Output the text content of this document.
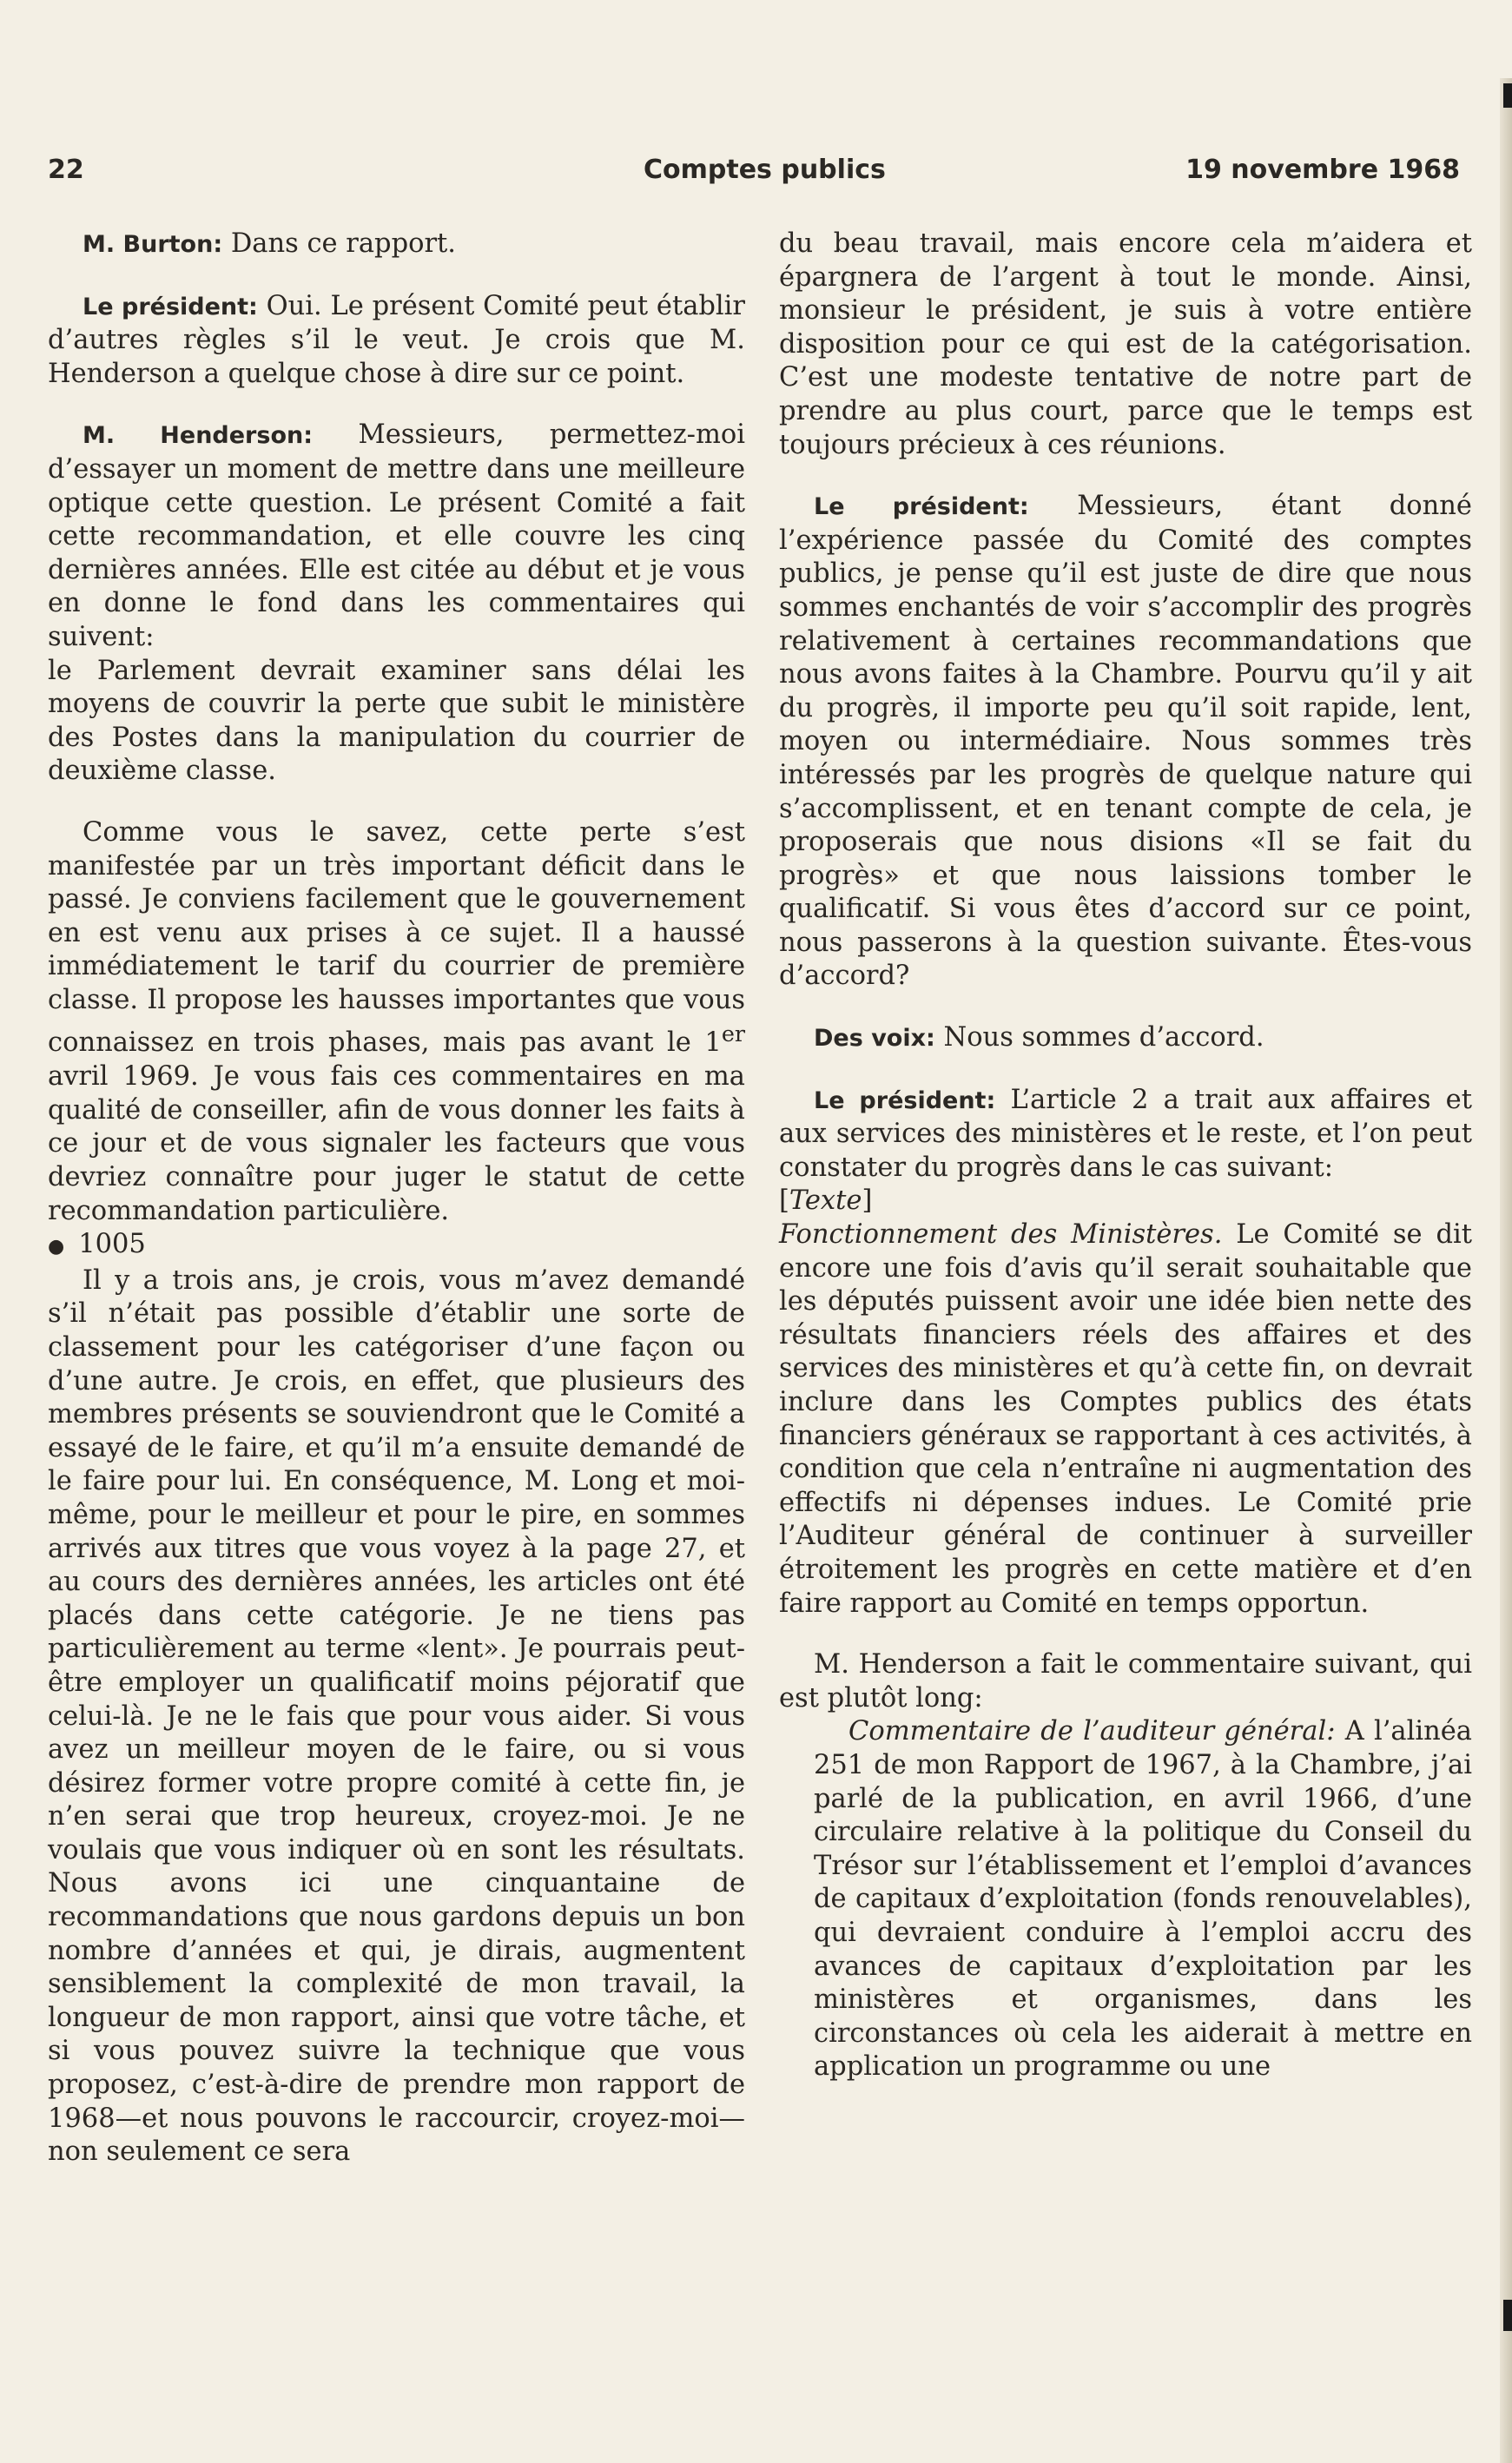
22	Comptes publics	19 novembre 1968

M. Burton: Dans ce rapport.

Le président: Oui. Le présent Comité peut établir d’autres règles s’il le veut. Je crois que M. Henderson a quelque chose à dire sur ce point.

M. Henderson: Messieurs, permettez-moi d’essayer un moment de mettre dans une meilleure optique cette question. Le présent Comité a fait cette recommandation, et elle couvre les cinq dernières années. Elle est citée au début et je vous en donne le fond dans les commentaires qui suivent:

le Parlement devrait examiner sans délai les moyens de couvrir la perte que subit le ministère des Postes dans la manipulation du courrier de deuxième classe.

Comme vous le savez, cette perte s’est manifestée par un très important déficit dans le passé. Je conviens facilement que le gouvernement en est venu aux prises à ce sujet. Il a haussé immédiatement le tarif du courrier de première classe. Il propose les hausses importantes que vous connaissez en trois phases, mais pas avant le 1er avril 1969. Je vous fais ces commentaires en ma qualité de conseiller, afin de vous donner les faits à ce jour et de vous signaler les facteurs que vous devriez connaître pour juger le statut de cette recommandation particulière.

● 1005

Il y a trois ans, je crois, vous m’avez demandé s’il n’était pas possible d’établir une sorte de classement pour les catégoriser d’une façon ou d’une autre. Je crois, en effet, que plusieurs des membres présents se souviendront que le Comité a essayé de le faire, et qu’il m’a ensuite demandé de le faire pour lui. En conséquence, M. Long et moi-même, pour le meilleur et pour le pire, en sommes arrivés aux titres que vous voyez à la page 27, et au cours des dernières années, les articles ont été placés dans cette catégorie. Je ne tiens pas particulièrement au terme «lent». Je pourrais peut-être employer un qualificatif moins péjoratif que celui-là. Je ne le fais que pour vous aider. Si vous avez un meilleur moyen de le faire, ou si vous désirez former votre propre comité à cette fin, je n’en serai que trop heureux, croyez-moi. Je ne voulais que vous indiquer où en sont les résultats. Nous avons ici une cinquantaine de recommandations que nous gardons depuis un bon nombre d’années et qui, je dirais, augmentent sensiblement la complexité de mon travail, la longueur de mon rapport, ainsi que votre tâche, et si vous pouvez suivre la technique que vous proposez, c’est-à-dire de prendre mon rapport de 1968—et nous pouvons le raccourcir, croyez-moi—non seulement ce sera

du beau travail, mais encore cela m’aidera et épargnera de l’argent à tout le monde. Ainsi, monsieur le président, je suis à votre entière disposition pour ce qui est de la catégorisation. C’est une modeste tentative de notre part de prendre au plus court, parce que le temps est toujours précieux à ces réunions.

Le président: Messieurs, étant donné l’expérience passée du Comité des comptes publics, je pense qu’il est juste de dire que nous sommes enchantés de voir s’accomplir des progrès relativement à certaines recommandations que nous avons faites à la Chambre. Pourvu qu’il y ait du progrès, il importe peu qu’il soit rapide, lent, moyen ou intermédiaire. Nous sommes très intéressés par les progrès de quelque nature qui s’accomplissent, et en tenant compte de cela, je proposerais que nous disions «Il se fait du progrès» et que nous laissions tomber le qualificatif. Si vous êtes d’accord sur ce point, nous passerons à la question suivante. Êtes-vous d’accord?

Des voix: Nous sommes d’accord.

Le président: L’article 2 a trait aux affaires et aux services des ministères et le reste, et l’on peut constater du progrès dans le cas suivant:

[Texte]

Fonctionnement des Ministères. Le Comité se dit encore une fois d’avis qu’il serait souhaitable que les députés puissent avoir une idée bien nette des résultats financiers réels des affaires et des services des ministères et qu’à cette fin, on devrait inclure dans les Comptes publics des états financiers généraux se rapportant à ces activités, à condition que cela n’entraîne ni augmentation des effectifs ni dépenses indues. Le Comité prie l’Auditeur général de continuer à surveiller étroitement les progrès en cette matière et d’en faire rapport au Comité en temps opportun.

M. Henderson a fait le commentaire suivant, qui est plutôt long:

Commentaire de l’auditeur général: A l’alinéa 251 de mon Rapport de 1967, à la Chambre, j’ai parlé de la publication, en avril 1966, d’une circulaire relative à la politique du Conseil du Trésor sur l’établissement et l’emploi d’avances de capitaux d’exploitation (fonds renouvelables), qui devraient conduire à l’emploi accru des avances de capitaux d’exploitation par les ministères et organismes, dans les circonstances où cela les aiderait à mettre en application un programme ou une
